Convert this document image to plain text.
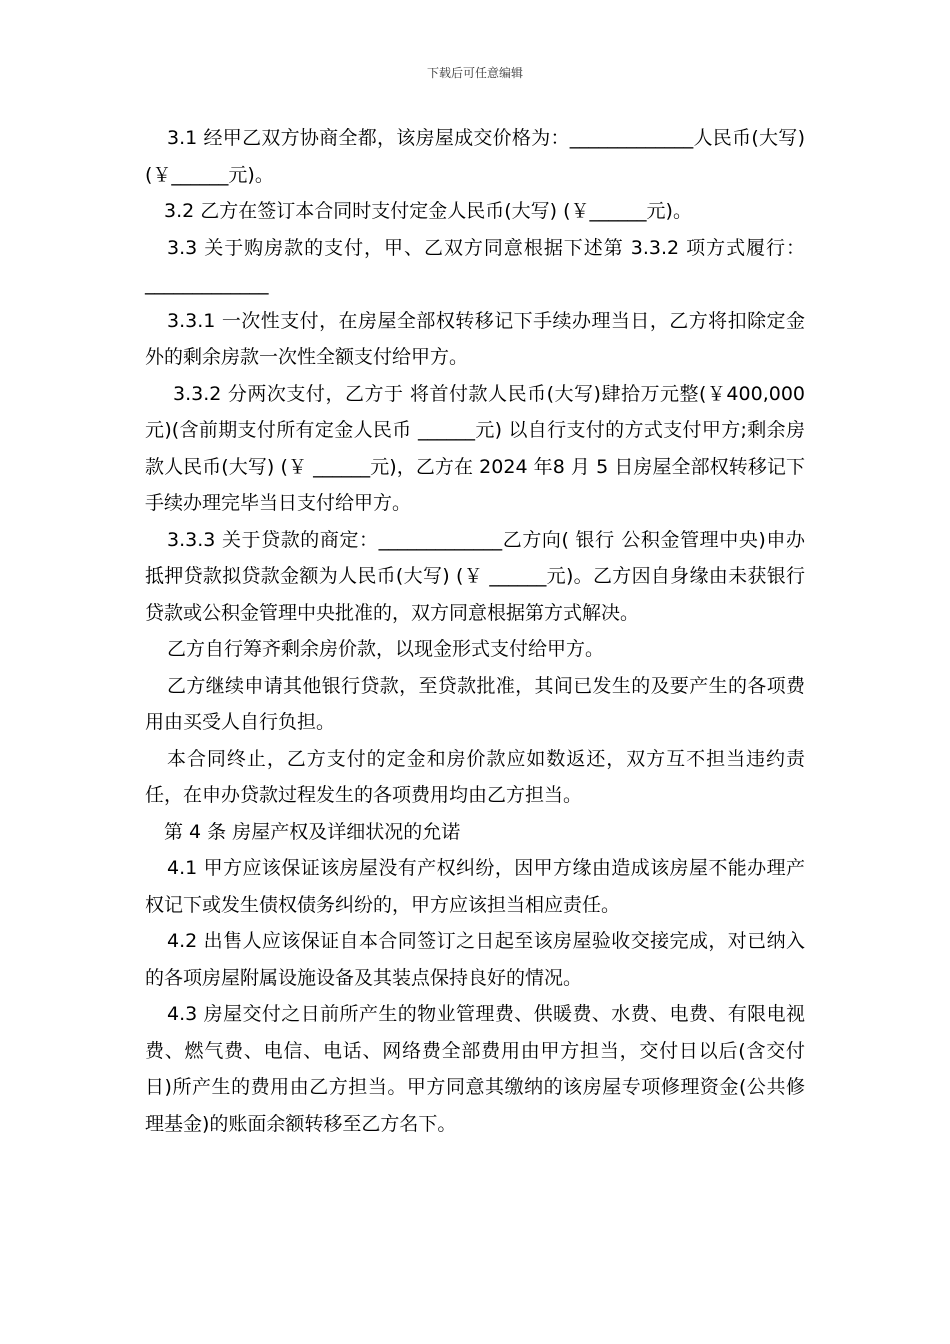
下载后可任意编辑

3.1 经甲乙双方协商全都，该房屋成交价格为：_____________人民币(大写) (￥______元)。

3.2 乙方在签订本合同时支付定金人民币(大写) (￥______元)。

3.3 关于购房款的支付，甲、乙双方同意根据下述第 3.3.2 项方式履行：_____________

3.3.1 一次性支付，在房屋全部权转移记下手续办理当日，乙方将扣除定金外的剩余房款一次性全额支付给甲方。

3.3.2 分两次支付，乙方于 将首付款人民币(大写)肆拾万元整(￥400,000 元)(含前期支付所有定金人民币 ______元) 以自行支付的方式支付甲方;剩余房款人民币(大写) (￥ ______元)，乙方在 2024 年8 月 5 日房屋全部权转移记下手续办理完毕当日支付给甲方。

3.3.3 关于贷款的商定：_____________乙方向( 银行 公积金管理中央)申办抵押贷款拟贷款金额为人民币(大写) (￥ ______元)。乙方因自身缘由未获银行贷款或公积金管理中央批准的，双方同意根据第方式解决。

乙方自行筹齐剩余房价款，以现金形式支付给甲方。

乙方继续申请其他银行贷款，至贷款批准，其间已发生的及要产生的各项费用由买受人自行负担。

本合同终止，乙方支付的定金和房价款应如数返还，双方互不担当违约责任，在申办贷款过程发生的各项费用均由乙方担当。

第 4 条 房屋产权及详细状况的允诺

4.1 甲方应该保证该房屋没有产权纠纷，因甲方缘由造成该房屋不能办理产权记下或发生债权债务纠纷的，甲方应该担当相应责任。

4.2 出售人应该保证自本合同签订之日起至该房屋验收交接完成，对已纳入的各项房屋附属设施设备及其装点保持良好的情况。

4.3 房屋交付之日前所产生的物业管理费、供暖费、水费、电费、有限电视费、燃气费、电信、电话、网络费全部费用由甲方担当，交付日以后(含交付日)所产生的费用由乙方担当。甲方同意其缴纳的该房屋专项修理资金(公共修理基金)的账面余额转移至乙方名下。
